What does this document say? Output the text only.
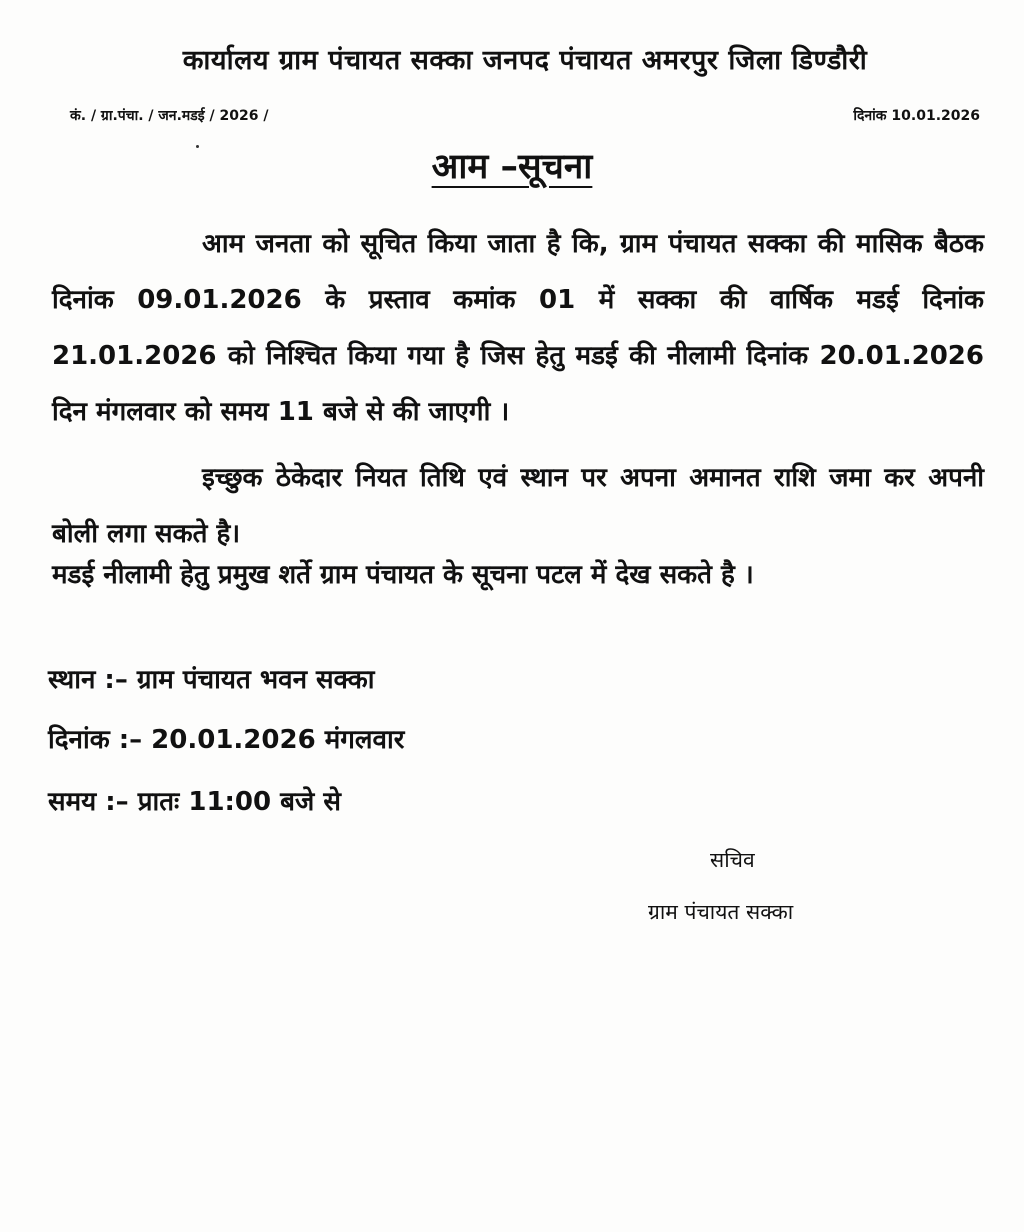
कार्यालय ग्राम पंचायत सक्का जनपद पंचायत अमरपुर जिला डिण्डौरी
कं. / ग्रा.पंचा. / जन.मडई / 2026 /	दिनांक 10.01.2026
आम –सूचना

आम जनता को सूचित किया जाता है कि, ग्राम पंचायत सक्का की मासिक बैठक दिनांक 09.01.2026 के प्रस्ताव कमांक 01 में सक्का की वार्षिक मडई दिनांक 21.01.2026 को निश्चित किया गया है जिस हेतु मडई की नीलामी दिनांक 20.01.2026 दिन मंगलवार को समय 11 बजे से की जाएगी ।

इच्छुक ठेकेदार नियत तिथि एवं स्थान पर अपना अमानत राशि जमा कर अपनी बोली लगा सकते है।

मडई नीलामी हेतु प्रमुख शर्ते ग्राम पंचायत के सूचना पटल में देख सकते है ।

स्थान :– ग्राम पंचायत भवन सक्का
दिनांक :– 20.01.2026 मंगलवार
समय :– प्रातः 11:00 बजे से
सचिव
ग्राम पंचायत सक्का
